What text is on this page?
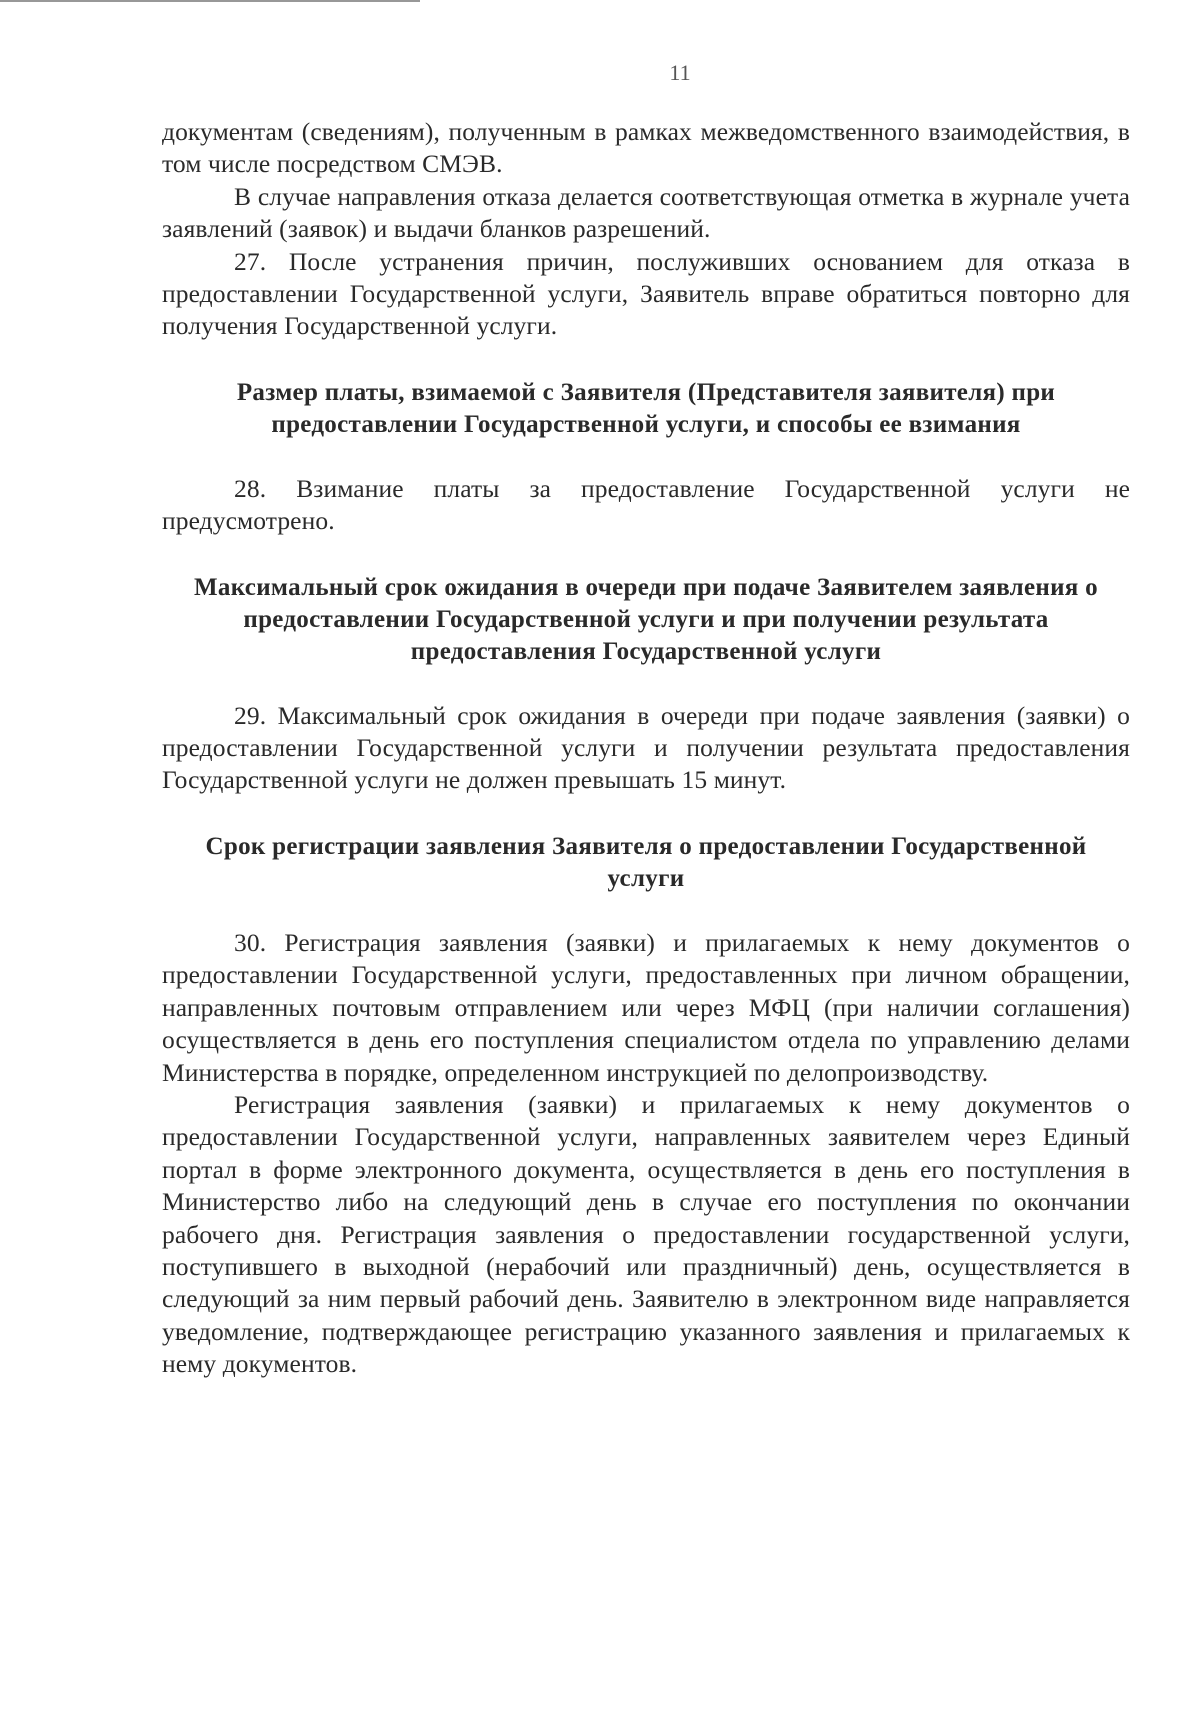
11

документам (сведениям), полученным в рамках межведомственного взаимодействия, в том числе посредством СМЭВ.

В случае направления отказа делается соответствующая отметка в журнале учета заявлений (заявок) и выдачи бланков разрешений.

27. После устранения причин, послуживших основанием для отказа в предоставлении Государственной услуги, Заявитель вправе обратиться повторно для получения Государственной услуги.

Размер платы, взимаемой с Заявителя (Представителя заявителя) при предоставлении Государственной услуги, и способы ее взимания

28. Взимание платы за предоставление Государственной услуги не предусмотрено.

Максимальный срок ожидания в очереди при подаче Заявителем заявления о предоставлении Государственной услуги и при получении результата предоставления Государственной услуги

29. Максимальный срок ожидания в очереди при подаче заявления (заявки) о предоставлении Государственной услуги и получении результата предоставления Государственной услуги не должен превышать 15 минут.

Срок регистрации заявления Заявителя о предоставлении Государственной услуги

30. Регистрация заявления (заявки) и прилагаемых к нему документов о предоставлении Государственной услуги, предоставленных при личном обращении, направленных почтовым отправлением или через МФЦ (при наличии соглашения) осуществляется в день его поступления специалистом отдела по управлению делами Министерства в порядке, определенном инструкцией по делопроизводству.

Регистрация заявления (заявки) и прилагаемых к нему документов о предоставлении Государственной услуги, направленных заявителем через Единый портал в форме электронного документа, осуществляется в день его поступления в Министерство либо на следующий день в случае его поступления по окончании рабочего дня. Регистрация заявления о предоставлении государственной услуги, поступившего в выходной (нерабочий или праздничный) день, осуществляется в следующий за ним первый рабочий день. Заявителю в электронном виде направляется уведомление, подтверждающее регистрацию указанного заявления и прилагаемых к нему документов.
